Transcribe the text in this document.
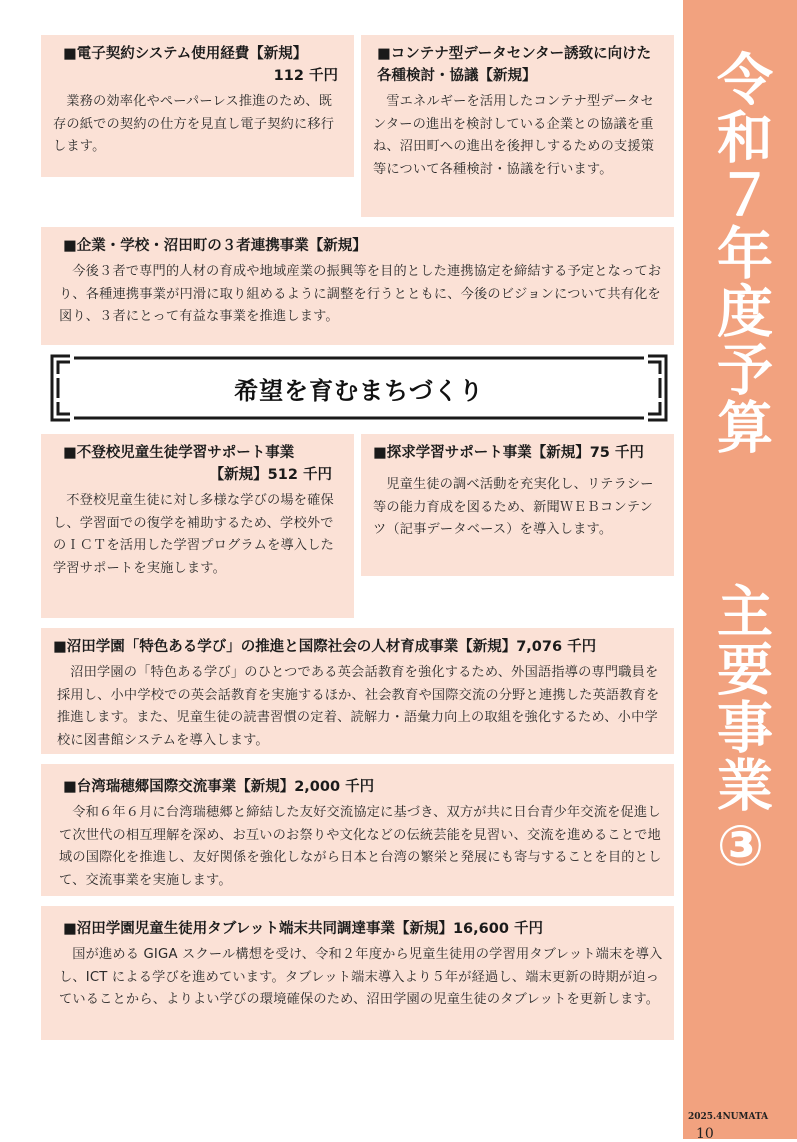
令和７年度予算
主要事業③
■電子契約システム使用経費【新規】
112 千円

業務の効率化やペーパーレス推進のため、既存の紙での契約の仕方を見直し電子契約に移行します。

■コンテナ型データセンター誘致に向けた各種検討・協議【新規】

雪エネルギーを活用したコンテナ型データセンターの進出を検討している企業との協議を重ね、沼田町への進出を後押しするための支援策等について各種検討・協議を行います。

■企業・学校・沼田町の３者連携事業【新規】

今後３者で専門的人材の育成や地域産業の振興等を目的とした連携協定を締結する予定となっており、各種連携事業が円滑に取り組めるように調整を行うとともに、今後のビジョンについて共有化を図り、３者にとって有益な事業を推進します。

希望を育むまちづくり
■不登校児童生徒学習サポート事業
【新規】512 千円

不登校児童生徒に対し多様な学びの場を確保し、学習面での復学を補助するため、学校外でのＩＣＴを活用した学習プログラムを導入した学習サポートを実施します。

■探求学習サポート事業【新規】75 千円

児童生徒の調べ活動を充実化し、リテラシー等の能力育成を図るため、新聞ＷＥＢコンテンツ（記事データベース）を導入します。

■沼田学園「特色ある学び」の推進と国際社会の人材育成事業【新規】7,076 千円

沼田学園の「特色ある学び」のひとつである英会話教育を強化するため、外国語指導の専門職員を採用し、小中学校での英会話教育を実施するほか、社会教育や国際交流の分野と連携した英語教育を推進します。また、児童生徒の読書習慣の定着、読解力・語彙力向上の取組を強化するため、小中学校に図書館システムを導入します。

■台湾瑞穂郷国際交流事業【新規】2,000 千円

令和６年６月に台湾瑞穂郷と締結した友好交流協定に基づき、双方が共に日台青少年交流を促進して次世代の相互理解を深め、お互いのお祭りや文化などの伝統芸能を見習い、交流を進めることで地域の国際化を推進し、友好関係を強化しながら日本と台湾の繁栄と発展にも寄与することを目的として、交流事業を実施します。

■沼田学園児童生徒用タブレット端末共同調達事業【新規】16,600 千円

国が進める GIGA スクール構想を受け、令和２年度から児童生徒用の学習用タブレット端末を導入し、ICT による学びを進めています。タブレット端末導入より５年が経過し、端末更新の時期が迫っていることから、よりよい学びの環境確保のため、沼田学園の児童生徒のタブレットを更新します。

2025.4NUMATA 10
